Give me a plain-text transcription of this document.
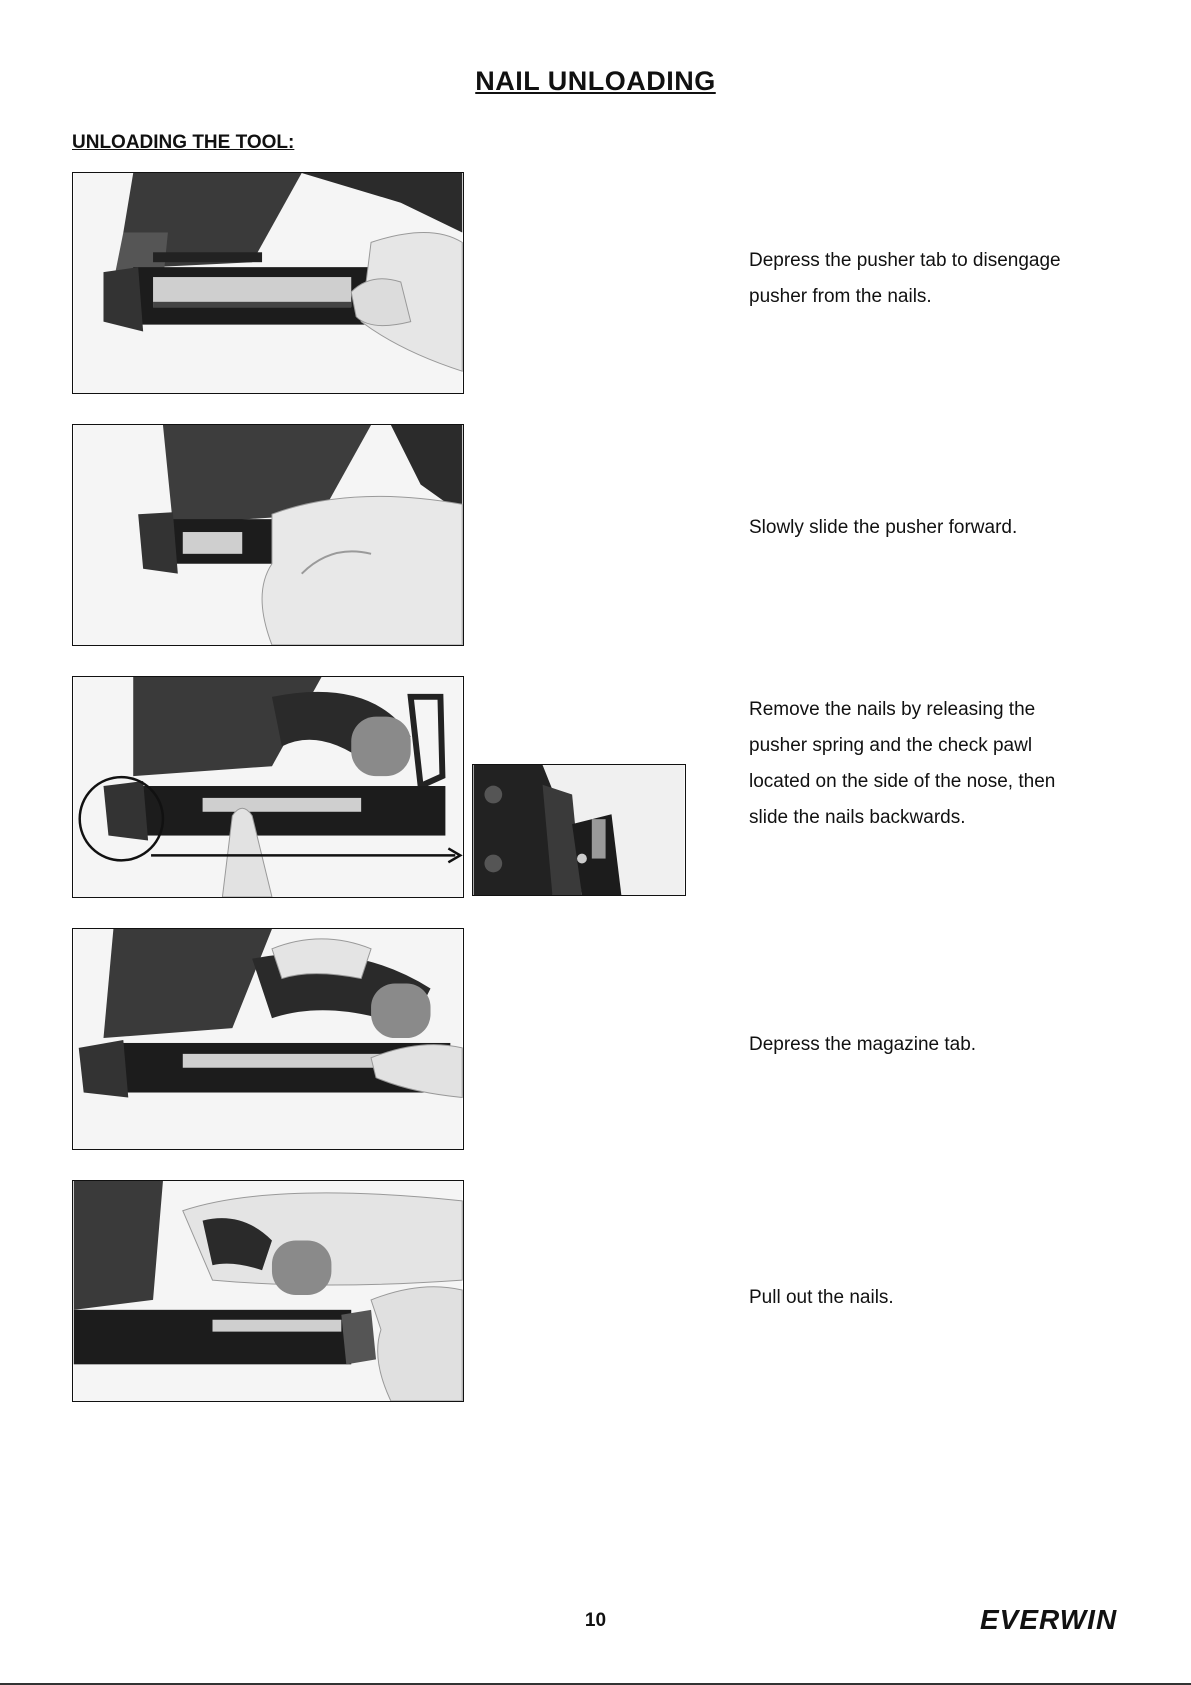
NAIL UNLOADING
UNLOADING THE TOOL:
Depress the pusher tab to disengage pusher from the nails.
Slowly slide the pusher forward.
Remove the nails by releasing the pusher spring and the check pawl located on the side of the nose, then slide the nails backwards.
Depress the magazine tab.
Pull out the nails.
10	EVERWIN
